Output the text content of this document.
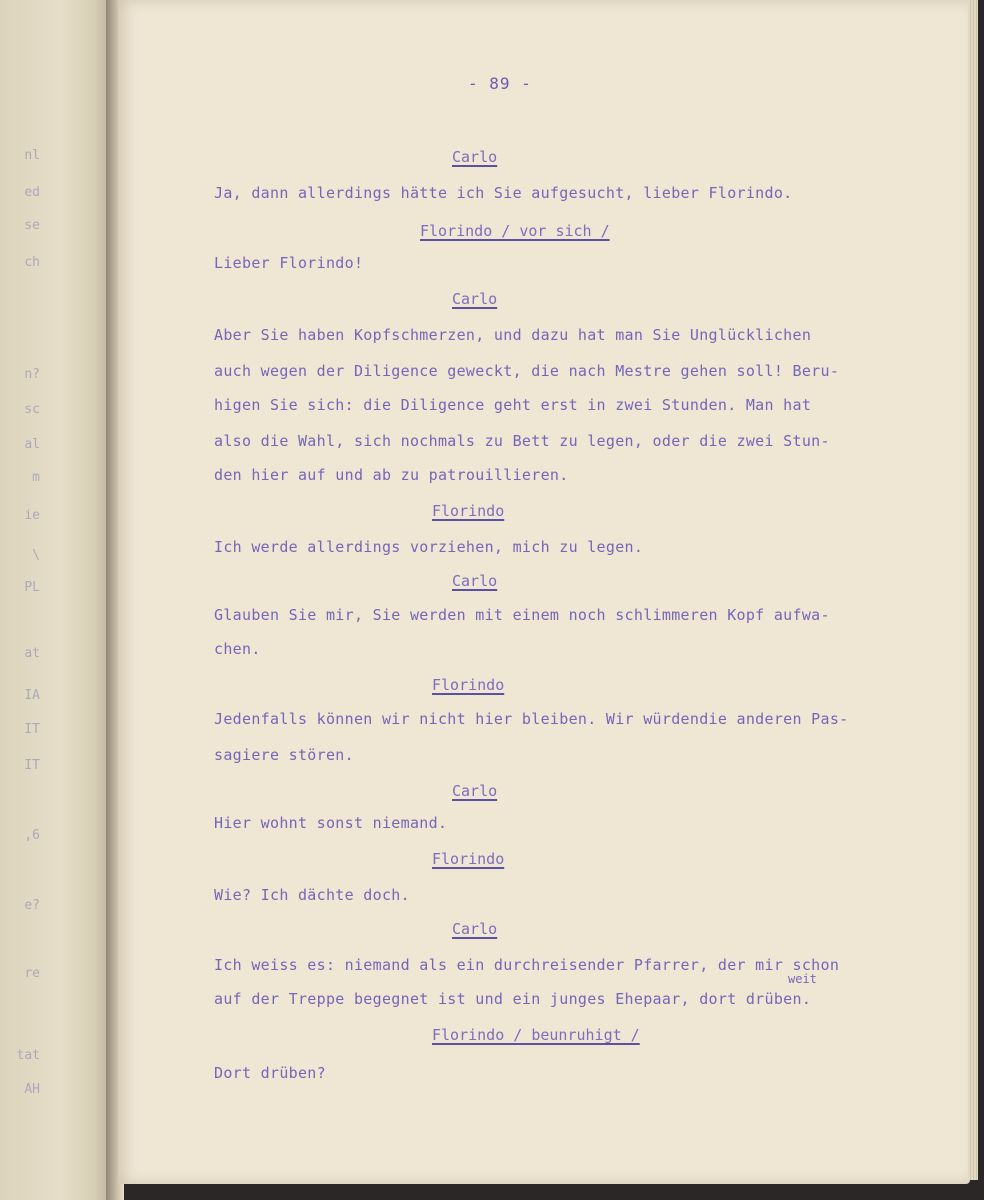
nl
ed
se
ch
n?
sc
al
m
ie
\
PL
at
IA
IT
IT
,6
e?
re
tat
AH
- 89 -
Carlo
Ja, dann allerdings hätte ich Sie aufgesucht, lieber Florindo.
Florindo / vor sich /
Lieber Florindo!
Carlo
Aber Sie haben Kopfschmerzen, und dazu hat man Sie Unglücklichen
auch wegen der Diligence geweckt, die nach Mestre gehen soll! Beru-
higen Sie sich: die Diligence geht erst in zwei Stunden. Man hat
also die Wahl, sich nochmals zu Bett zu legen, oder die zwei Stun-
den hier auf und ab zu patrouillieren.
Florindo
Ich werde allerdings vorziehen, mich zu legen.
Carlo
Glauben Sie mir, Sie werden mit einem noch schlimmeren Kopf aufwa-
chen.
Florindo
Jedenfalls können wir nicht hier bleiben. Wir würdendie anderen Pas-
sagiere stören.
Carlo
Hier wohnt sonst niemand.
Florindo
Wie? Ich dächte doch.
Carlo
Ich weiss es: niemand als ein durchreisender Pfarrer, der mir schon
auf der Treppe begegnet ist und ein junges Ehepaar, dort drüben.
Florindo / beunruhigt /
Dort drüben?
weit
